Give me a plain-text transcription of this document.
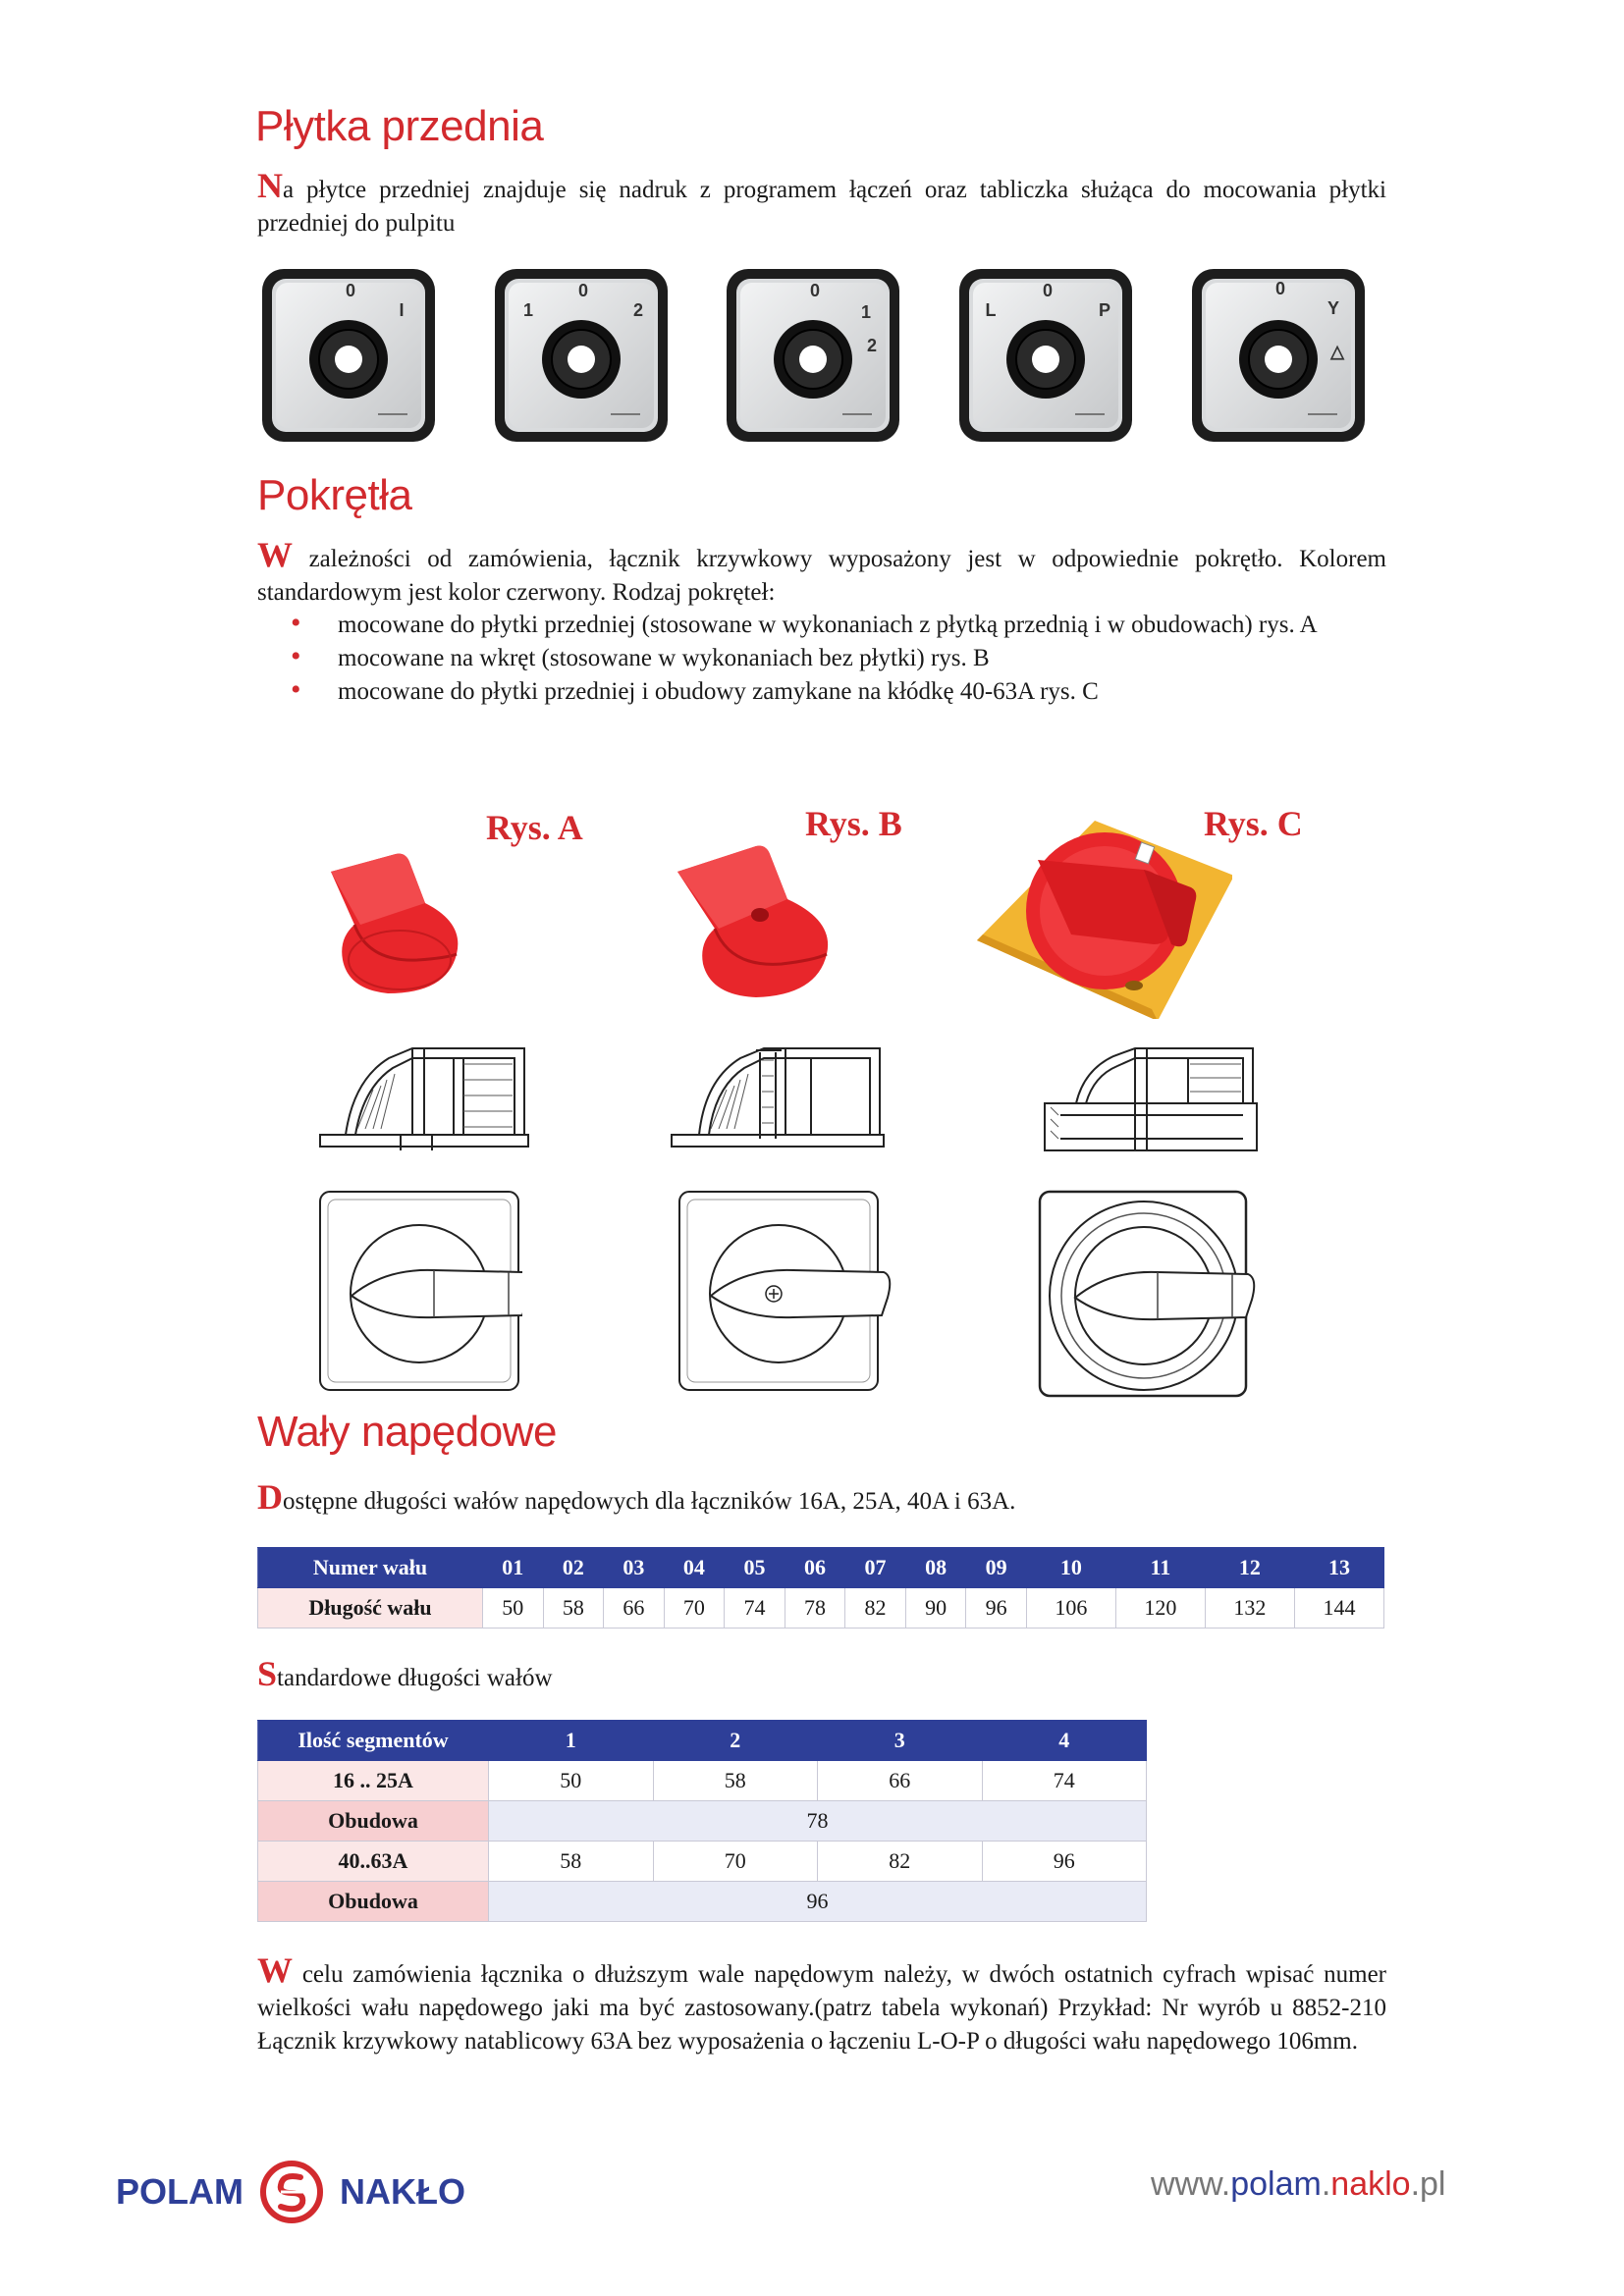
Płytka przednia
Na płytce przedniej znajduje się nadruk z programem łączeń oraz tabliczka służąca do mocowania płytki przedniej do pulpitu
0
I	1
0
2
0
1
2
L
0
P
0
Y
△
Pokrętła
W zależności od zamówienia, łącznik krzywkowy wyposażony jest w odpowiednie pokrętło. Kolorem standardowym jest kolor czerwony. Rodzaj pokręteł:
• mocowane do płytki przedniej (stosowane w wykonaniach z płytką przednią i w obudowach) rys. A
• mocowane na wkręt (stosowane w wykonaniach bez płytki) rys. B
• mocowane do płytki przedniej i obudowy zamykane na kłódkę 40-63A rys. C
Rys. A	Rys. B	Rys. C
Wały napędowe
Dostępne długości wałów napędowych dla łączników 16A, 25A, 40A i 63A.
Numer wału	01	02	03	04	05	06	07	08	09	10	11	12	13
Długość wału	50	58	66	70	74	78	82	90	96	106	120	132	144
Standardowe długości wałów
Ilość segmentów	1	2	3	4
16 .. 25A	50	58	66	74
Obudowa	78			
40..63A	58	70	82	96
Obudowa	96			
W celu zamówienia łącznika o dłuższym wale napędowym należy, w dwóch ostatnich cyfrach wpisać numer wielkości wału napędowego jaki ma być zastosowany.(patrz tabela wykonań) Przykład: Nr wyrób u 8852-210 Łącznik krzywkowy natablicowy 63A bez wyposażenia o łączeniu L-O-P o długości wału napędowego 106mm.
POLAM	NAKŁO	www.polam.naklo.pl
